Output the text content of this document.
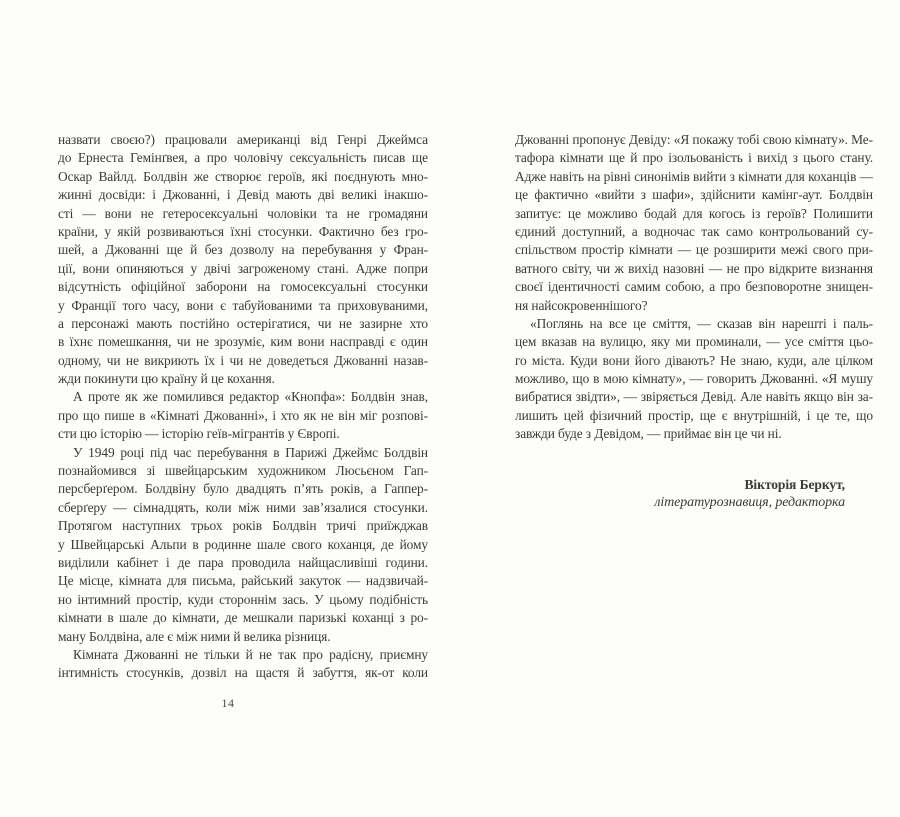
назвати своєю?) працювали американці від Генрі Джеймса
до Ернеста Гемінґвея, а про чоловічу сексуальність писав ще
Оскар Вайлд. Болдвін же створює героїв, які поєднують мно-
жинні досвіди: і Джованні, і Девід мають дві великі інакшо-
сті — вони не гетеросексуальні чоловіки та не громадяни
країни, у якій розвиваються їхні стосунки. Фактично без гро-
шей, а Джованні ще й без дозволу на перебування у Фран-
ції, вони опиняються у двічі загроженому стані. Адже попри
відсутність офіційної заборони на гомосексуальні стосунки
у Франції того часу, вони є табуйованими та приховуваними,
а персонажі мають постійно остерігатися, чи не зазирне хто
в їхнє помешкання, чи не зрозуміє, ким вони насправді є один
одному, чи не викриють їх і чи не доведеться Джованні назав-
жди покинути цю країну й це кохання.
А проте як же помилився редактор «Кнопфа»: Болдвін знав,
про що пише в «Кімнаті Джованні», і хто як не він міг розпові-
сти цю історію — історію геїв-мігрантів у Європі.
У 1949 році під час перебування в Парижі Джеймс Болдвін
познайомився зі швейцарським художником Люсьєном Гап-
персберґером. Болдвіну було двадцять п’ять років, а Гаппер-
сберґеру — сімнадцять, коли між ними зав’язалися стосунки.
Протягом наступних трьох років Болдвін тричі приїжджав
у Швейцарські Альпи в родинне шале свого коханця, де йому
виділили кабінет і де пара проводила найщасливіші години.
Це місце, кімната для письма, райський закуток — надзвичай-
но інтимний простір, куди стороннім зась. У цьому подібність
кімнати в шале до кімнати, де мешкали паризькі коханці з ро-
ману Болдвіна, але є між ними й велика різниця.
Кімната Джованні не тільки й не так про радісну, приємну
інтимність стосунків, дозвіл на щастя й забуття, як-от коли
Джованні пропонує Девіду: «Я покажу тобі свою кімнату». Ме-
тафора кімнати ще й про ізольованість і вихід з цього стану.
Адже навіть на рівні синонімів вийти з кімнати для коханців —
це фактично «вийти з шафи», здійснити камінг-аут. Болдвін
запитує: це можливо бодай для когось із героїв? Полишити
єдиний доступний, а водночас так само контрольований су-
спільством простір кімнати — це розширити межі свого при-
ватного світу, чи ж вихід назовні — не про відкрите визнання
своєї ідентичності самим собою, а про безповоротне знищен-
ня найсокровеннішого?
«Поглянь на все це сміття, — сказав він нарешті і паль-
цем вказав на вулицю, яку ми проминали, — усе сміття цьо-
го міста. Куди вони його дівають? Не знаю, куди, але цілком
можливо, що в мою кімнату», — говорить Джованні. «Я мушу
вибратися звідти», — звіряється Девід. Але навіть якщо він за-
лишить цей фізичний простір, ще є внутрішній, і це те, що
завжди буде з Девідом, — приймає він це чи ні.
Вікторія Беркут,
літературознавиця, редакторка
14
